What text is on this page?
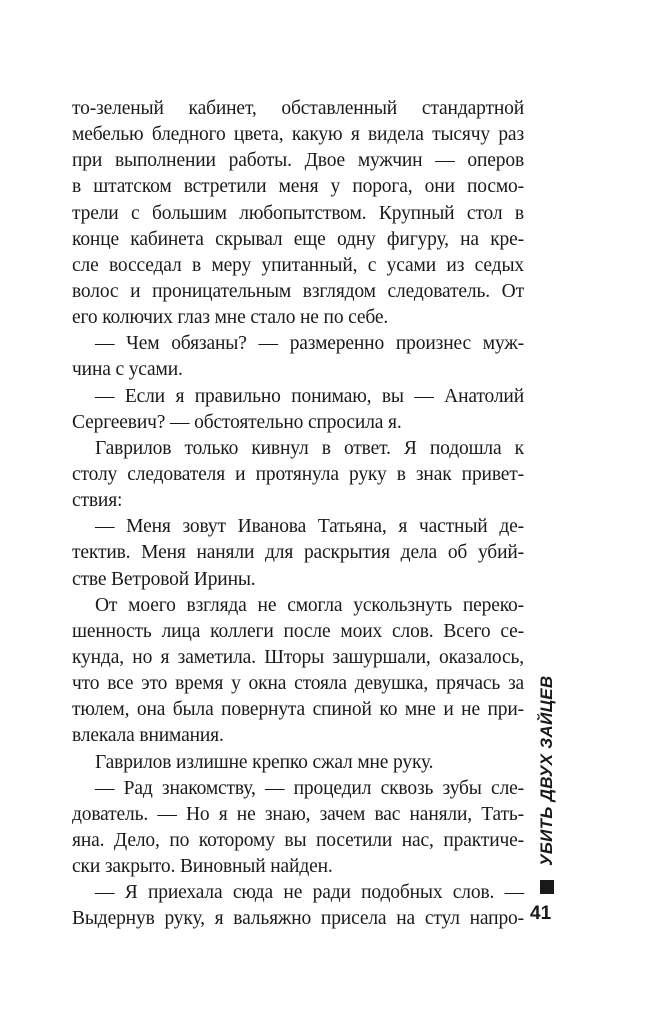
то-зеленый кабинет, обставленный стандартной
мебелью бледного цвета, какую я видела тысячу раз
при выполнении работы. Двое мужчин — оперов
в штатском встретили меня у порога, они посмо-
трели с большим любопытством. Крупный стол в
конце кабинета скрывал еще одну фигуру, на кре-
сле восседал в меру упитанный, с усами из седых
волос и проницательным взглядом следователь. От
его колючих глаз мне стало не по себе.
— Чем обязаны? — размеренно произнес муж-
чина с усами.
— Если я правильно понимаю, вы — Анатолий
Сергеевич? — обстоятельно спросила я.
Гаврилов только кивнул в ответ. Я подошла к
столу следователя и протянула руку в знак привет-
ствия:
— Меня зовут Иванова Татьяна, я частный де-
тектив. Меня наняли для раскрытия дела об убий-
стве Ветровой Ирины.
От моего взгляда не смогла ускользнуть переко-
шенность лица коллеги после моих слов. Всего се-
кунда, но я заметила. Шторы зашуршали, оказалось,
что все это время у окна стояла девушка, прячась за
тюлем, она была повернута спиной ко мне и не при-
влекала внимания.
Гаврилов излишне крепко сжал мне руку.
— Рад знакомству, — процедил сквозь зубы сле-
дователь. — Но я не знаю, зачем вас наняли, Тать-
яна. Дело, по которому вы посетили нас, практиче-
ски закрыто. Виновный найден.
— Я приехала сюда не ради подобных слов. —
Выдернув руку, я вальяжно присела на стул напро-
УБИТЬ ДВУХ ЗАЙЦЕВ
41
